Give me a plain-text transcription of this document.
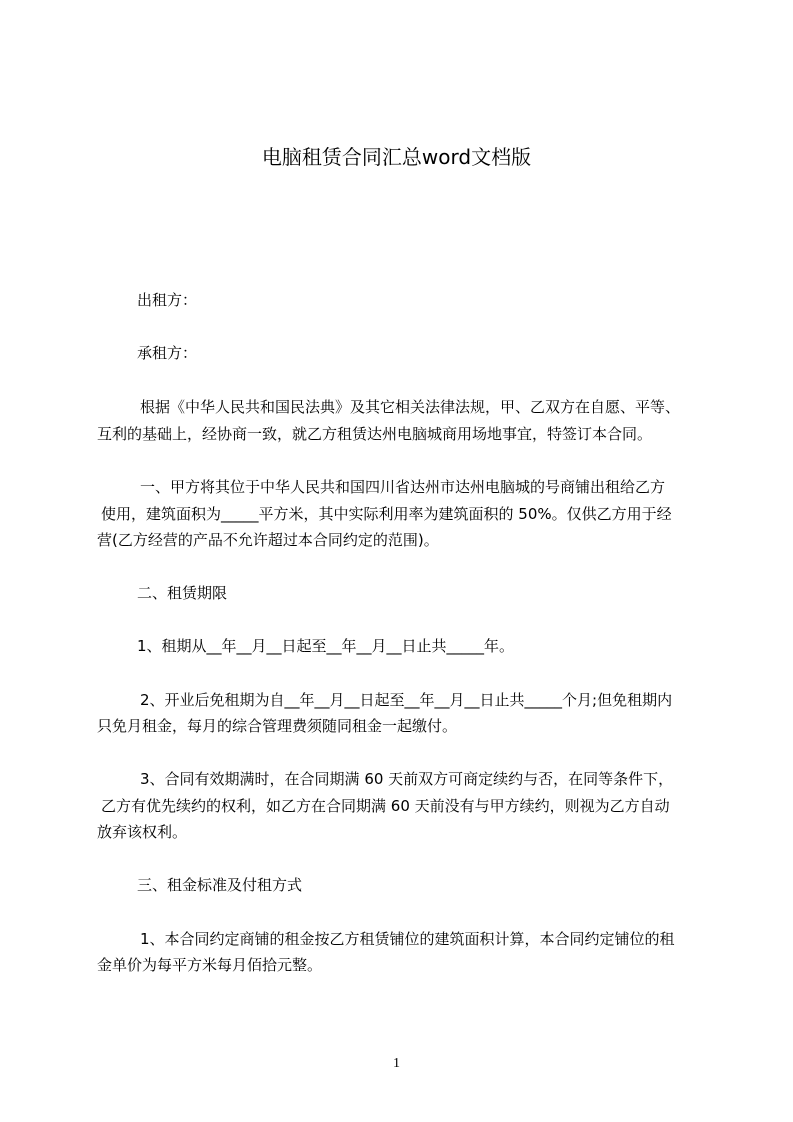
电脑租赁合同汇总word文档版
出租方：
承租方：
根据《中华人民共和国民法典》及其它相关法律法规，甲、乙双方在自愿、平等、
互利的基础上，经协商一致，就乙方租赁达州电脑城商用场地事宜，特签订本合同。
一、甲方将其位于中华人民共和国四川省达州市达州电脑城的号商铺出租给乙方
使用，建筑面积为_____平方米，其中实际利用率为建筑面积的 50%。仅供乙方用于经
营(乙方经营的产品不允许超过本合同约定的范围)。
二、租赁期限
1、租期从__年__月__日起至__年__月__日止共_____年。
2、开业后免租期为自__年__月__日起至__年__月__日止共_____个月;但免租期内
只免月租金，每月的综合管理费须随同租金一起缴付。
3、合同有效期满时，在合同期满 60 天前双方可商定续约与否，在同等条件下，
乙方有优先续约的权利，如乙方在合同期满 60 天前没有与甲方续约，则视为乙方自动
放弃该权利。
三、租金标准及付租方式
1、本合同约定商铺的租金按乙方租赁铺位的建筑面积计算，本合同约定铺位的租
金单价为每平方米每月佰拾元整。
1
